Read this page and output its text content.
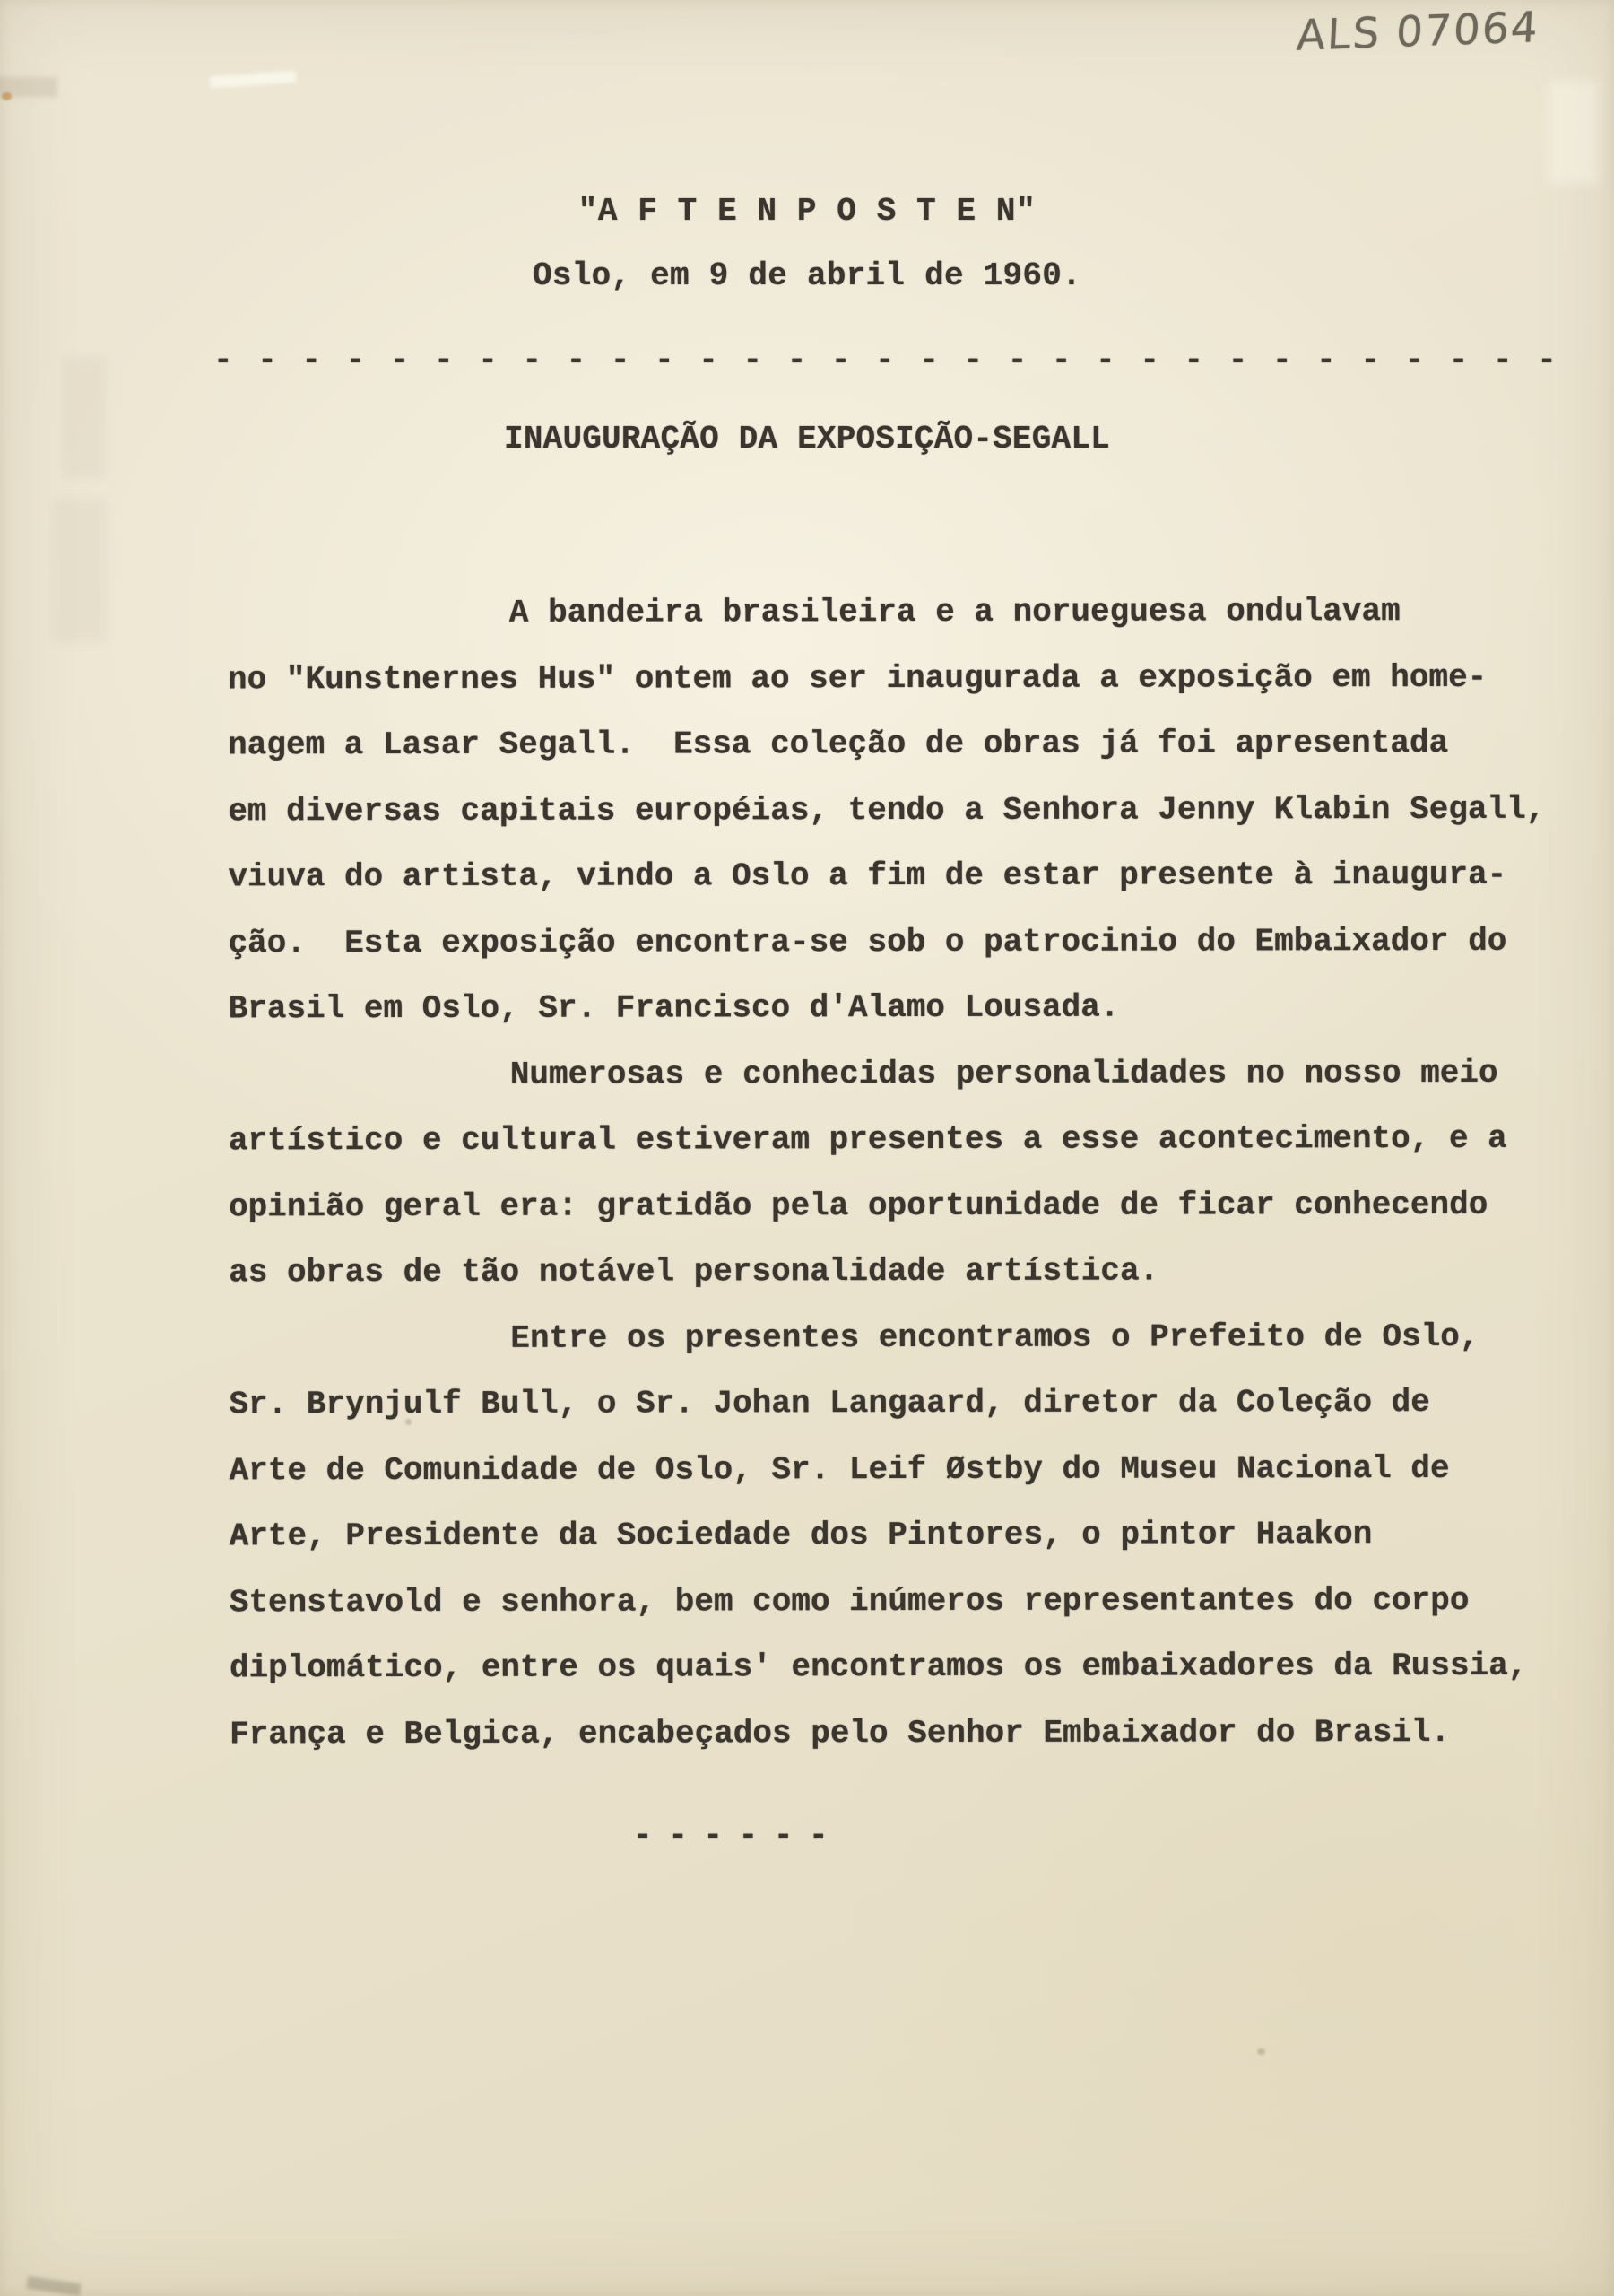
ALS 07064
"A F T E N P O S T E N"
Oslo, em 9 de abril de 1960.
- - - - - - - - - - - - - - - - - - - - - - - - - - - - - - -
INAUGURAÇÃO DA EXPOSIÇÃO-SEGALL
A bandeira brasileira e a norueguesa ondulavam
no "Kunstnernes Hus" ontem ao ser inaugurada a exposição em home-
nagem a Lasar Segall.  Essa coleção de obras já foi apresentada
em diversas capitais européias, tendo a Senhora Jenny Klabin Segall,
viuva do artista, vindo a Oslo a fim de estar presente à inaugura-
ção.  Esta exposição encontra-se sob o patrocinio do Embaixador do
Brasil em Oslo, Sr. Francisco d'Alamo Lousada.
Numerosas e conhecidas personalidades no nosso meio
artístico e cultural estiveram presentes a esse acontecimento, e a
opinião geral era: gratidão pela oportunidade de ficar conhecendo
as obras de tão notável personalidade artística.
Entre os presentes encontramos o Prefeito de Oslo,
Sr. Brynjulf Bull, o Sr. Johan Langaard, diretor da Coleção de
Arte de Comunidade de Oslo, Sr. Leif Østby do Museu Nacional de
Arte, Presidente da Sociedade dos Pintores, o pintor Haakon
Stenstavold e senhora, bem como inúmeros representantes do corpo
diplomático, entre os quais' encontramos os embaixadores da Russia,
França e Belgica, encabeçados pelo Senhor Embaixador do Brasil.
- - - - - -
